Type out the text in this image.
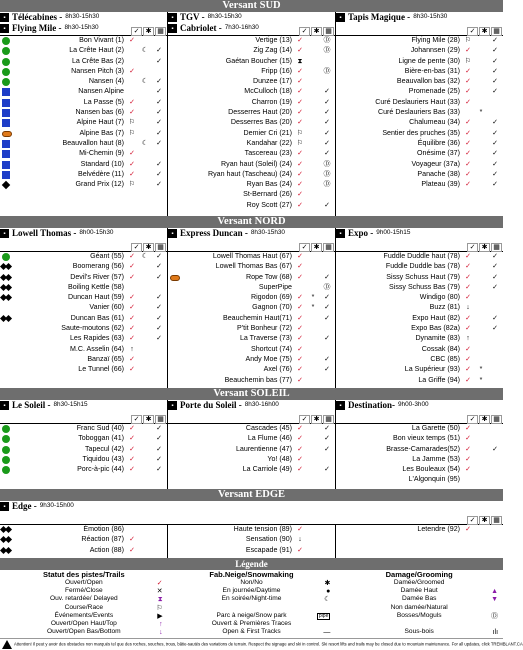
Versant SUD
▪ Télécabines - 8h30-15h30
▪ Flying Mile - 8h30-15h30
✓ ✱ ▦
▪ TGV - 8h30-15h30
▪ Cabriolet - 7h30-16h30
✓ ✱ ▦
▪ Tapis Magique - 8h30-15h30
✓ ✱ ▦
Bon Vivant (1) ✓
La Crête Haut (2)	☾	✓
La Crête Bas (2)	✓
Nansen Pitch (3) ✓
Nansen (4)	☾	✓
Nansen Alpine	✓
La Passe (5) ✓	✓
Nansen bas (6) ✓	✓
Alpine Haut (7) ⚐	✓
Alpine Bas (7) ⚐	✓
Beauvallon haut (8)	☾	✓
Mi-Chemin (9) ✓
Standard (10) ✓	✓
Belvédère (11) ✓	✓
Grand Prix (12) ⚐	✓
Vertige (13) ✓	Ⓓ
Zig Zag (14) ✓	Ⓓ
Gaétan Boucher (15) ⧗
Fripp (16) ✓	Ⓓ
Dunzee (17) ✓
McCulloch (18) ✓	✓
Charron (19) ✓	✓
Desserres Haut (20) ✓	✓
Desserres Bas (20) ✓	✓
Demier Cri (21) ⚐	✓
Kandahar (22) ⚐	✓
Tascereau (23) ✓	✓
Ryan haut (Soleil) (24) ✓	Ⓓ
Ryan haut (Tascheau) (24) ✓	Ⓓ
Ryan Bas (24) ✓	Ⓓ
St-Bernard (26) ✓
Roy Scott (27) ✓	✓
Flying Mile (28) ⚐	✓
Johannsen (29) ✓	✓
Ligne de pente (30) ⚐	✓
Bière-en-bas (31) ✓	✓
Beauvallon bas (32) ✓	✓
Promenade (25) ✓	✓
Curé Deslauriers Haut (33) ✓
Curé Deslauriers Bas (33)	*
Chalumeau (34) ✓	✓
Sentier des pruches (35) ✓	✓
Équilibre (36) ✓	✓
Onésime (37) ✓	✓
Voyageur (37a) ✓	✓
Panache (38) ✓	✓
Plateau (39) ✓	✓
Versant NORD
▪ Lowell Thomas - 8h00-15h30
✓ ✱ ▦
▪ Express Duncan - 8h30-15h30
✓ ✱ ▦
▪ Expo - 9h00-15h15
✓ ✱ ▦
Géant (55) ✓ ☾	✓
Boomerang (56) ✓	✓
Devil's River (57) ✓	✓
Boiling Kettle (58)
Duncan Haut (59) ✓	✓
Vanier (60) ✓	✓
Duncan Bas (61) ✓	✓
Saute-moutons (62) ✓	✓
Les Rapides (63) ✓	✓
M.C. Asselin (64) ↑
Banzaï (65) ✓
Le Tunnel (66) ✓
Lowell Thomas Haut (67) ✓
Lowell Thomas Bas (67) ✓
Rope Tow (68) ✓	✓
SuperPipe	Ⓓ
Rigodon (69) ✓	*	✓
Gagnon (70) ✓	*	✓
Beauchemin Haut(71) ✓	✓
P'tit Bonheur (72) ✓
La Traverse (73) ✓	✓
Shortcut (74) ✓
Andy Moe (75) ✓	✓
Axel (76) ✓	✓
Beauchemin bas (77) ✓
Fuddle Duddle haut (78) ✓	✓
Fuddle Duddle bas (78) ✓	✓
Sissy Schuss Haut (79) ✓	✓
Sissy Schuss Bas (79) ✓	✓
Windigo (80) ✓
Buzz (81) ↓
Expo Haut (82) ✓	✓
Expo Bas (82a) ✓	✓
Dynamite (83) ↑
Cossak (84) ✓
CBC (85) ✓
La Supérieur (93) ✓	*
La Griffe (94) ✓	*
Versant SOLEIL
▪ Le Soleil - 8h30-15h15
✓ ✱ ▦
▪ Porte du Soleil - 8h30-16h00
✓ ✱ ▦
▪ Destination- 9h00-3h00
✓ ✱ ▦
Franc Sud (40) ✓	✓
Toboggan (41) ✓	✓
Tapecul (42) ✓	✓
Tiquidou (43) ✓	✓
Porc-à-pic (44) ✓	✓
Cascades (45) ✓	✓
La Flume (46) ✓	✓
Laurentienne (47) ✓	✓
Yo! (48) ✓
La Carriole (49) ✓	✓
La Garette (50) ✓
Bon vieux temps (51) ✓
Brasse-Camarades(52) ✓	✓
La Jamme (53) ✓
Les Bouleaux (54) ✓
L'Algonquin (95)
Versant EDGE
▪ Edge - 9h30-15h00
✓ ✱ ▦
Émotion (86)
Réaction (87) ✓
Action (88) ✓
Haute tension (89) ✓
Sensation (90) ↓
Escapade (91) ✓
Letendre (92) ✓
Légende
Statut des pistes/Trails
Ouvert/Open	✓
Fermé/Close	✕
Ouv. retardée/ Delayed	⧗
Course/Race	⚐
Événements/Events	▶
Ouvert/Open Haut/Top	↑
Ouvert/Open Bas/Bottom	↓
Fab.Neige/Snowmaking
Non/No	✱
En journée/Daytime	●
En soirée/Night-time	☾
Parc à neige/Snow park	pipe
Ouvert & Premières Traces
Open & First Tracks	—
Damage/Grooming
Damée/Groomed
Damée Haut	▲
Damée Bas	▼
Non damée/Natural
Bosses/Moguls	Ⓓ
Sous-bois	ılı
Attention! Il peut y avoir des obstacles non marqués tel que des roches, souches, trous, bâtie-sautés des variations de terrain. Respect the signage and ski in control. Ski resort lifts and trails may be closed due to mountain maintenance. For all updates, click TREMBLANT.CA
